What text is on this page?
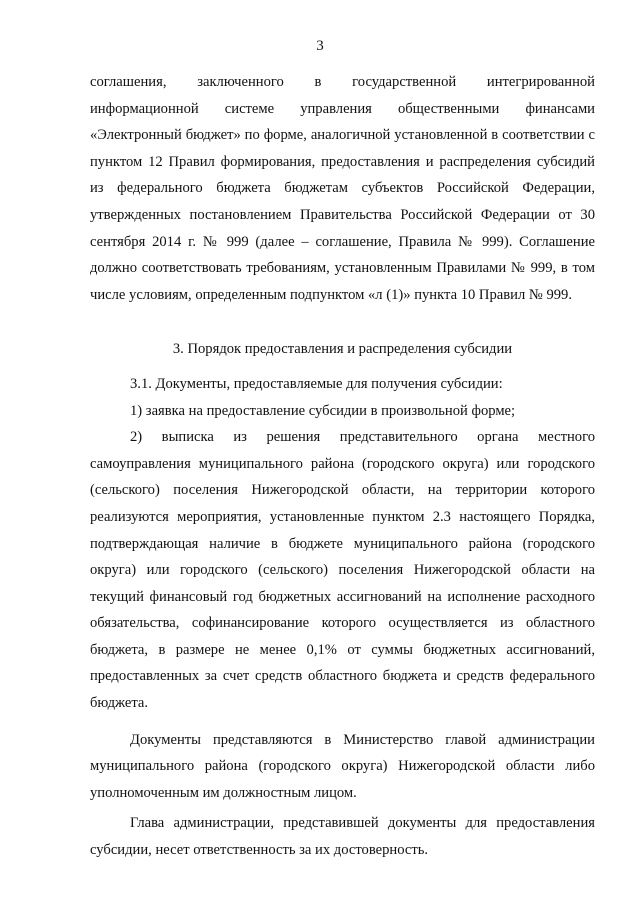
3

соглашения, заключенного в государственной интегрированной информационной системе управления общественными финансами «Электронный бюджет» по форме, аналогичной установленной в соответствии с пунктом 12 Правил формирования, предоставления и распределения субсидий из федерального бюджета бюджетам субъектов Российской Федерации, утвержденных постановлением Правительства Российской Федерации от 30 сентября 2014 г. № 999 (далее – соглашение, Правила № 999). Соглашение должно соответствовать требованиям, установленным Правилами № 999, в том числе условиям, определенным подпунктом «л (1)» пункта 10 Правил № 999.

3. Порядок предоставления и распределения субсидии

3.1. Документы, предоставляемые для получения субсидии:

1) заявка на предоставление субсидии в произвольной форме;

2) выписка из решения представительного органа местного самоуправления муниципального района (городского округа) или городского (сельского) поселения Нижегородской области, на территории которого реализуются мероприятия, установленные пунктом 2.3 настоящего Порядка, подтверждающая наличие в бюджете муниципального района (городского округа) или городского (сельского) поселения Нижегородской области на текущий финансовый год бюджетных ассигнований на исполнение расходного обязательства, софинансирование которого осуществляется из областного бюджета, в размере не менее 0,1% от суммы бюджетных ассигнований, предоставленных за счет средств областного бюджета и средств федерального бюджета.

Документы представляются в Министерство главой администрации муниципального района (городского округа) Нижегородской области либо уполномоченным им должностным лицом.

Глава администрации, представившей документы для предоставления субсидии, несет ответственность за их достоверность.
